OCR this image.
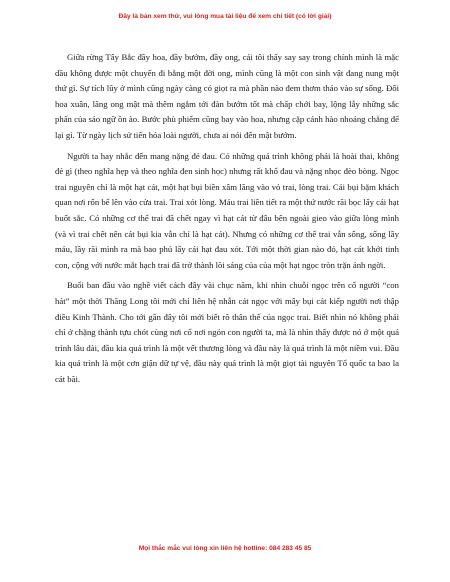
Đây là bản xem thử, vui lòng mua tài liệu để xem chi tiết (có lời giải)

Giữa rừng Tây Bắc đầy hoa, đầy bướm, đầy ong, cái tôi thấy say say trong chính mình là mặc dầu không được một chuyến đi bằng một đời ong, mình cũng là một con sinh vật đang nung một thứ gì. Sự tích lũy ở mình cũng ngày càng có giọt ra mà phần nào đem thơm thảo vào sự sống. Đối hoa xuân, lăng ong mật mà thêm ngắm tới đàn bướm tốt mà chấp chới bay, lộng lẫy những sắc phấn của sáo ngữ ồn ào. Bước phù phiếm cũng bay vào hoa, nhưng cặp cánh hào nhoáng chẳng để lại gì. Từ ngày lịch sử tiến hóa loài người, chưa ai nói đến mật bướm.

Người ta hay nhắc đến mang nặng đẻ đau. Có những quá trình không phải là hoài thai, không đẻ gì (theo nghĩa hẹp và theo nghĩa đen sinh học) nhưng rất khổ đau và nặng nhọc đèo bòng. Ngọc trai nguyên chỉ là một hạt cát, một hạt bụi biền xâm lăng vào vỏ trai, lòng trai. Cái bụi bặm khách quan nơi rốn bể lên vào cửa trai. Trai xót lòng. Máu trai liền tiết ra một thứ nước rãi bọc lấy cái hạt buốt sắc. Có những cơ thể trai đã chết ngay vì hạt cát từ đâu bên ngoài gieo vào giữa lòng mình (và vì trai chết nên cát bụi kia vẫn chỉ là hạt cát). Nhưng có những cơ thể trai vẫn sống, sống lầy máu, lầy rãi mình ra mà bao phủ lấy cái hạt đau xót. Tới một thời gian nào đó, hạt cát khởi tinh con, cộng với nước mắt hạch trai đã trở thành lõi sáng của của một hạt ngọc tròn trặn ánh ngời.

Buổi ban đầu vào nghề viết cách đây vài chục năm, khi nhìn chuỗi ngọc trên cổ người “con hát” một thời Thăng Long tôi mới chỉ liên hệ nhẫn cát ngọc với mây bụi cát kiếp người nơi thập điều Kinh Thành. Cho tới gần đây tôi mới biết rõ thân thế của ngọc trai. Biết nhìn nó không phải chỉ ở chặng thành tựu chót cùng nơi cổ nơi ngón con người ta, mà là nhìn thấy được nó ở một quá trình lâu dài, đầu kia quá trình là một vết thương lòng và đầu này là quá trình là một niềm vui. Đầu kia quá trình là một cơn giận dữ tự vệ, đầu này quá trình là một giọt tài nguyên Tổ quốc ta bao la cát bãi.

Mọi thắc mắc vui lòng xin liên hệ hotline: 084 283 45 85
